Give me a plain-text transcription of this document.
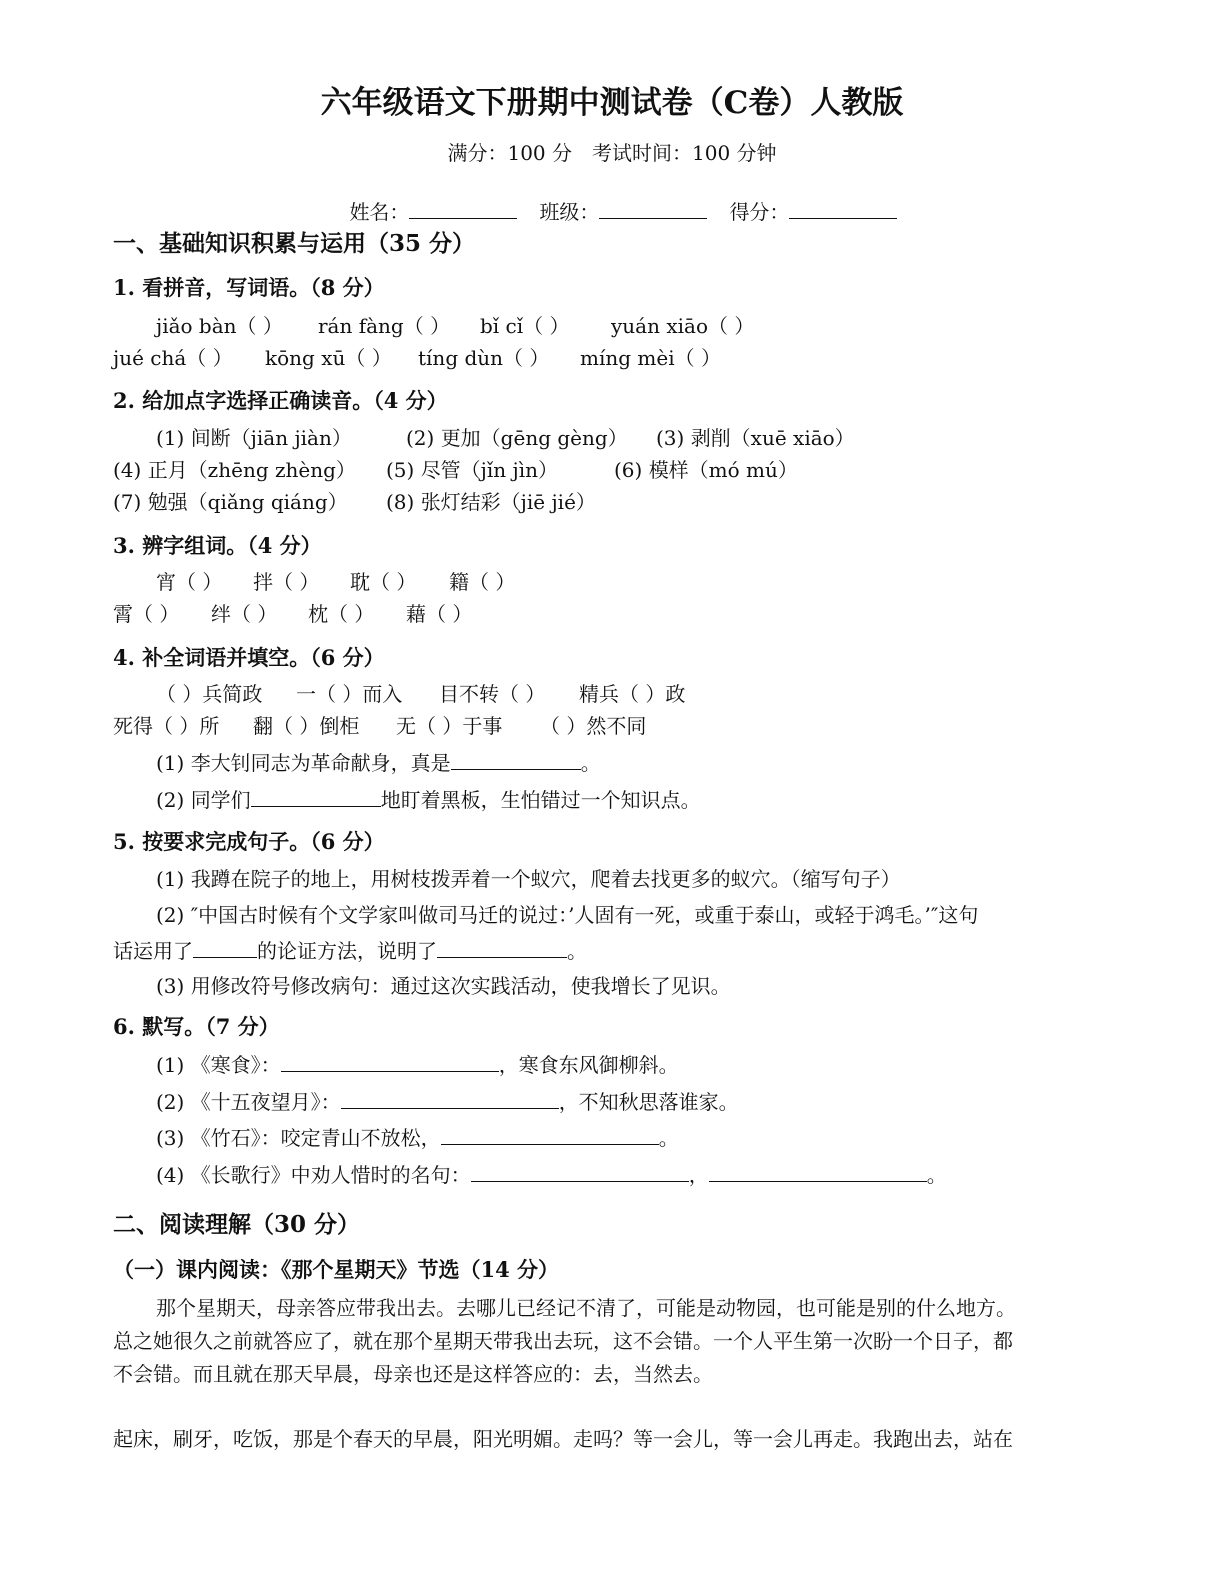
六年级语文下册期中测试卷（C卷）人教版
满分：100 分　考试时间：100 分钟

姓名：	班级：	得分：

一、基础知识积累与运用（35 分）
1. 看拼音，写词语。（8 分）
jiǎo bàn（ ） rán fàng（ ） bǐ cǐ（ ） yuán xiāo（ ）
jué chá（ ） kōng xū（ ） tíng dùn（ ） míng mèi（ ）
2. 给加点字选择正确读音。（4 分）
(1) 间断（jiān jiàn）	(2) 更加（gēng gèng） (3) 剥削（xuē xiāo）
(4) 正月（zhēng zhèng） (5) 尽管（jǐn jìn）	(6) 模样（mó mú）
(7) 勉强（qiǎng qiáng） (8) 张灯结彩（jiē jié）
3. 辨字组词。（4 分）
宵（ ） 拌（ ） 耽（ ） 籍（ ）
霄（ ） 绊（ ） 枕（ ） 藉（ ）
4. 补全词语并填空。（6 分）
（ ）兵简政 一（ ）而入 目不转（ ） 精兵（ ）政
死得（ ）所 翻（ ）倒柜 无（ ）于事 （ ）然不同
(1) 李大钊同志为革命献身，真是	。
(2) 同学们	地盯着黑板，生怕错过一个知识点。
5. 按要求完成句子。（6 分）
(1) 我蹲在院子的地上，用树枝拨弄着一个蚁穴，爬着去找更多的蚁穴。（缩写句子）
(2) ″中国古时候有个文学家叫做司马迁的说过：’人固有一死，或重于泰山，或轻于鸿毛。’″这句
话运用了	的论证方法，说明了	。
(3) 用修改符号修改病句：通过这次实践活动，使我增长了见识。
6. 默写。（7 分）
(1) 《寒食》：	，寒食东风御柳斜。
(2) 《十五夜望月》：	，不知秋思落谁家。
(3) 《竹石》：咬定青山不放松，	。
(4) 《长歌行》中劝人惜时的名句：	，	。
二、阅读理解（30 分）
（一）课内阅读：《那个星期天》节选（14 分）
那个星期天，母亲答应带我出去。去哪儿已经记不清了，可能是动物园，也可能是别的什么地方。
总之她很久之前就答应了，就在那个星期天带我出去玩，这不会错。一个人平生第一次盼一个日子，都
不会错。而且就在那天早晨，母亲也还是这样答应的：去，当然去。
起床，刷牙，吃饭，那是个春天的早晨，阳光明媚。走吗？等一会儿，等一会儿再走。我跑出去，站在
